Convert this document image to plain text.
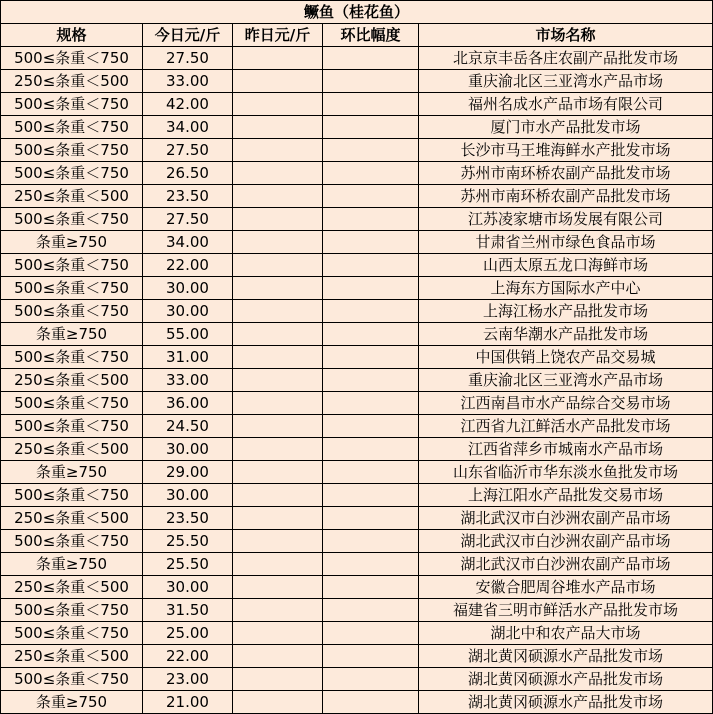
鳜鱼（桂花鱼）				
规格	今日元/斤	昨日元/斤	环比幅度	市场名称
500≤条重＜750	27.50			北京京丰岳各庄农副产品批发市场
250≤条重＜500	33.00			重庆渝北区三亚湾水产品市场
500≤条重＜750	42.00			福州名成水产品市场有限公司
500≤条重＜750	34.00			厦门市水产品批发市场
500≤条重＜750	27.50			长沙市马王堆海鲜水产批发市场
500≤条重＜750	26.50			苏州市南环桥农副产品批发市场
250≤条重＜500	23.50			苏州市南环桥农副产品批发市场
500≤条重＜750	27.50			江苏凌家塘市场发展有限公司
条重≥750	34.00			甘肃省兰州市绿色食品市场
500≤条重＜750	22.00			山西太原五龙口海鲜市场
500≤条重＜750	30.00			上海东方国际水产中心
500≤条重＜750	30.00			上海江杨水产品批发市场
条重≥750	55.00			云南华潮水产品批发市场
500≤条重＜750	31.00			中国供销上饶农产品交易城
250≤条重＜500	33.00			重庆渝北区三亚湾水产品市场
500≤条重＜750	36.00			江西南昌市水产品综合交易市场
500≤条重＜750	24.50			江西省九江鲜活水产品批发市场
250≤条重＜500	30.00			江西省萍乡市城南水产品市场
条重≥750	29.00			山东省临沂市华东淡水鱼批发市场
500≤条重＜750	30.00			上海江阳水产品批发交易市场
250≤条重＜500	23.50			湖北武汉市白沙洲农副产品市场
500≤条重＜750	25.50			湖北武汉市白沙洲农副产品市场
条重≥750	25.50			湖北武汉市白沙洲农副产品市场
250≤条重＜500	30.00			安徽合肥周谷堆水产品市场
500≤条重＜750	31.50			福建省三明市鲜活水产品批发市场
500≤条重＜750	25.00			湖北中和农产品大市场
250≤条重＜500	22.00			湖北黄冈硕源水产品批发市场
500≤条重＜750	23.00			湖北黄冈硕源水产品批发市场
条重≥750	21.00			湖北黄冈硕源水产品批发市场
